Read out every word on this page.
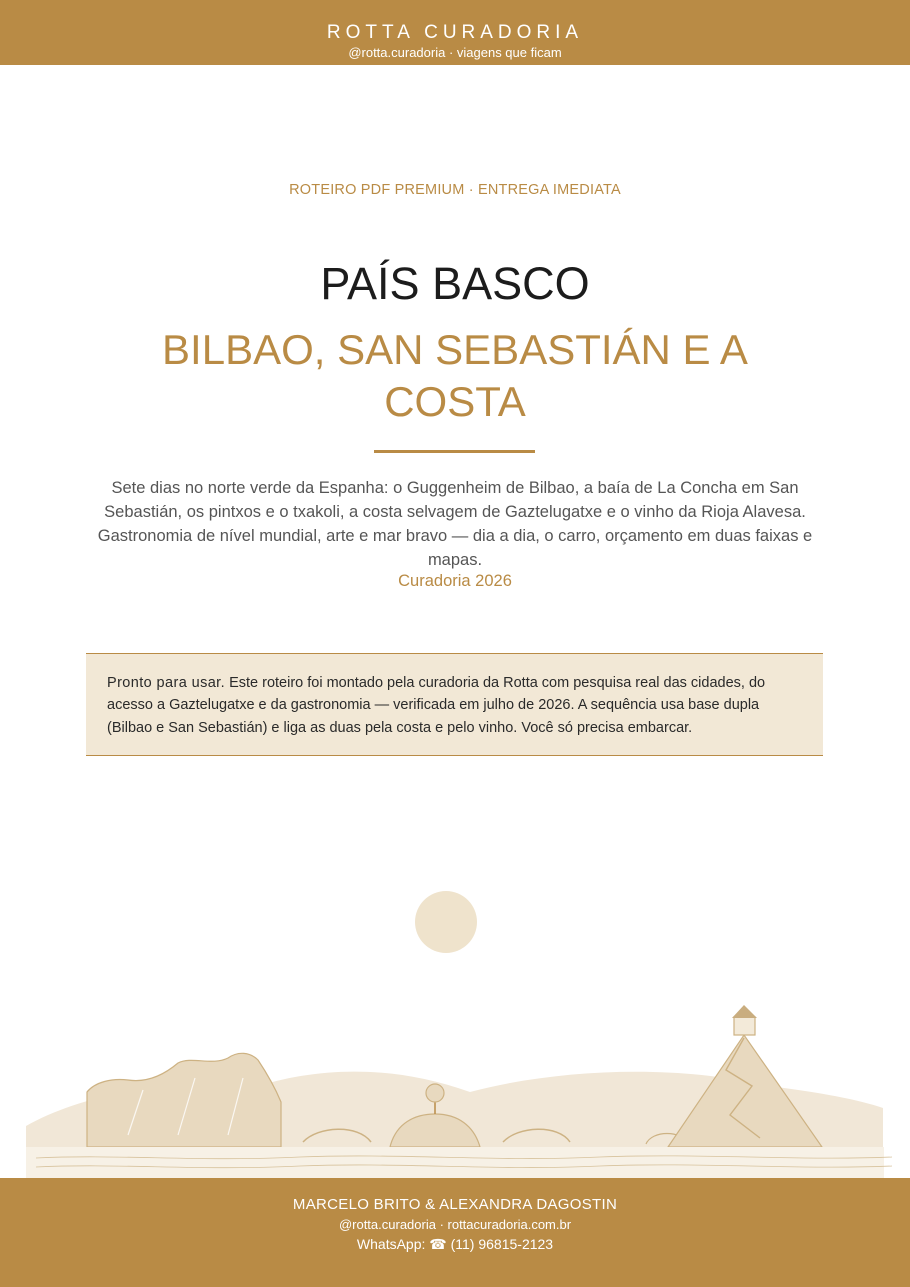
ROTTA CURADORIA
@rotta.curadoria · viagens que ficam
ROTEIRO PDF PREMIUM · ENTREGA IMEDIATA
PAÍS BASCO
BILBAO, SAN SEBASTIÁN E A COSTA
Sete dias no norte verde da Espanha: o Guggenheim de Bilbao, a baía de La Concha em San Sebastián, os pintxos e o txakoli, a costa selvagem de Gaztelugatxe e o vinho da Rioja Alavesa. Gastronomia de nível mundial, arte e mar bravo — dia a dia, o carro, orçamento em duas faixas e mapas.
Curadoria 2026
Pronto para usar. Este roteiro foi montado pela curadoria da Rotta com pesquisa real das cidades, do acesso a Gaztelugatxe e da gastronomia — verificada em julho de 2026. A sequência usa base dupla (Bilbao e San Sebastián) e liga as duas pela costa e pelo vinho. Você só precisa embarcar.
MARCELO BRITO & ALEXANDRA DAGOSTIN
@rotta.curadoria · rottacuradoria.com.br
WhatsApp: ☎ (11) 96815-2123
